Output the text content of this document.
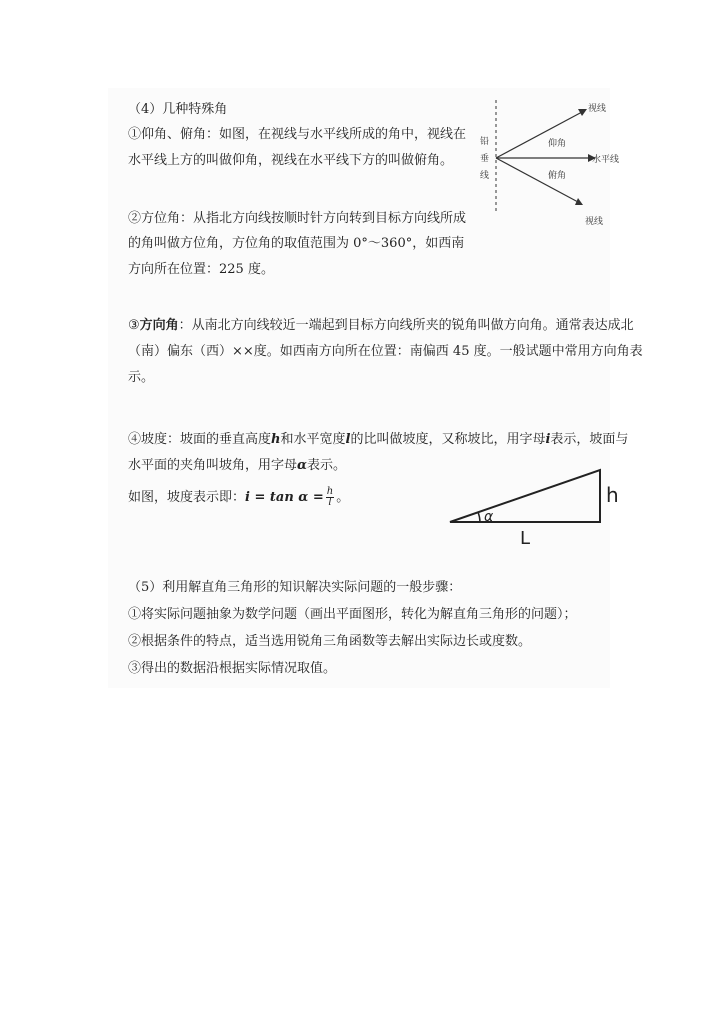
（4）几种特殊角

①仰角、俯角：如图，在视线与水平线所成的角中，视线在

水平线上方的叫做仰角，视线在水平线下方的叫做俯角。

铅
垂
线
视线
仰角
水平线
俯角
视线

②方位角：从指北方向线按顺时针方向转到目标方向线所成

的角叫做方位角，方位角的取值范围为 0°～360°，如西南

方向所在位置：225 度。

③方向角：从南北方向线较近一端起到目标方向线所夹的锐角叫做方向角。通常表达成北

（南）偏东（西）××度。如西南方向所在位置：南偏西 45 度。一般试题中常用方向角表

示。

④坡度：坡面的垂直高度h和水平宽度l的比叫做坡度，又称坡比，用字母i表示，坡面与

水平面的夹角叫坡角，用字母α表示。

如图，坡度表示即：$i = \tan \alpha = \frac{h}{l}$ 。

α
h
L

（5）利用解直角三角形的知识解决实际问题的一般步骤：

①将实际问题抽象为数学问题（画出平面图形，转化为解直角三角形的问题）；

②根据条件的特点，适当选用锐角三角函数等去解出实际边长或度数。

③得出的数据沿根据实际情况取值。
